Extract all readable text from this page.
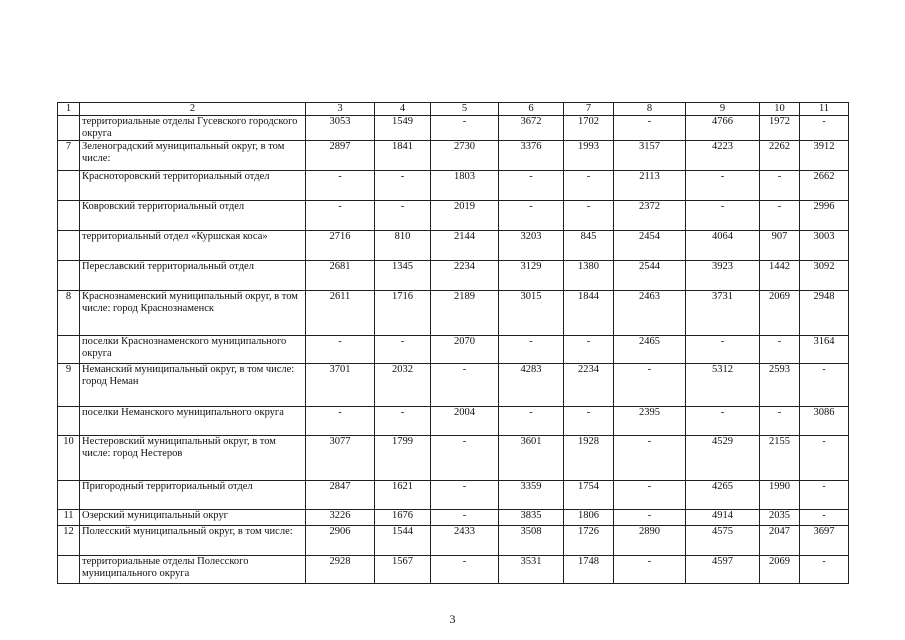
1	2	3	4	5	6	7	8	9	10	11
	территориальные отделы Гусевского городского округа	3053	1549	-	3672	1702	-	4766	1972	-
7	Зеленоградский муниципальный округ, в том числе:	2897	1841	2730	3376	1993	3157	4223	2262	3912
	Красноторовский территориальный отдел	-	-	1803	-	-	2113	-	-	2662
	Ковровский территориальный отдел	-	-	2019	-	-	2372	-	-	2996
	территориальный отдел «Куршская коса»	2716	810	2144	3203	845	2454	4064	907	3003
	Переславский территориальный отдел	2681	1345	2234	3129	1380	2544	3923	1442	3092
8	Краснознаменский муниципальный округ, в том числе: город Краснознаменск	2611	1716	2189	3015	1844	2463	3731	2069	2948
	поселки Краснознаменского муниципального округа	-	-	2070	-	-	2465	-	-	3164
9	Неманский муниципальный округ, в том числе: город Неман	3701	2032	-	4283	2234	-	5312	2593	-
	поселки Неманского муниципального округа	-	-	2004	-	-	2395	-	-	3086
10	Нестеровский муниципальный округ, в том числе: город Нестеров	3077	1799	-	3601	1928	-	4529	2155	-
	Пригородный территориальный отдел	2847	1621	-	3359	1754	-	4265	1990	-
11	Озерский муниципальный округ	3226	1676	-	3835	1806	-	4914	2035	-
12	Полесский муниципальный округ, в том числе:	2906	1544	2433	3508	1726	2890	4575	2047	3697
	территориальные отделы Полесского муниципального округа	2928	1567	-	3531	1748	-	4597	2069	-
3
